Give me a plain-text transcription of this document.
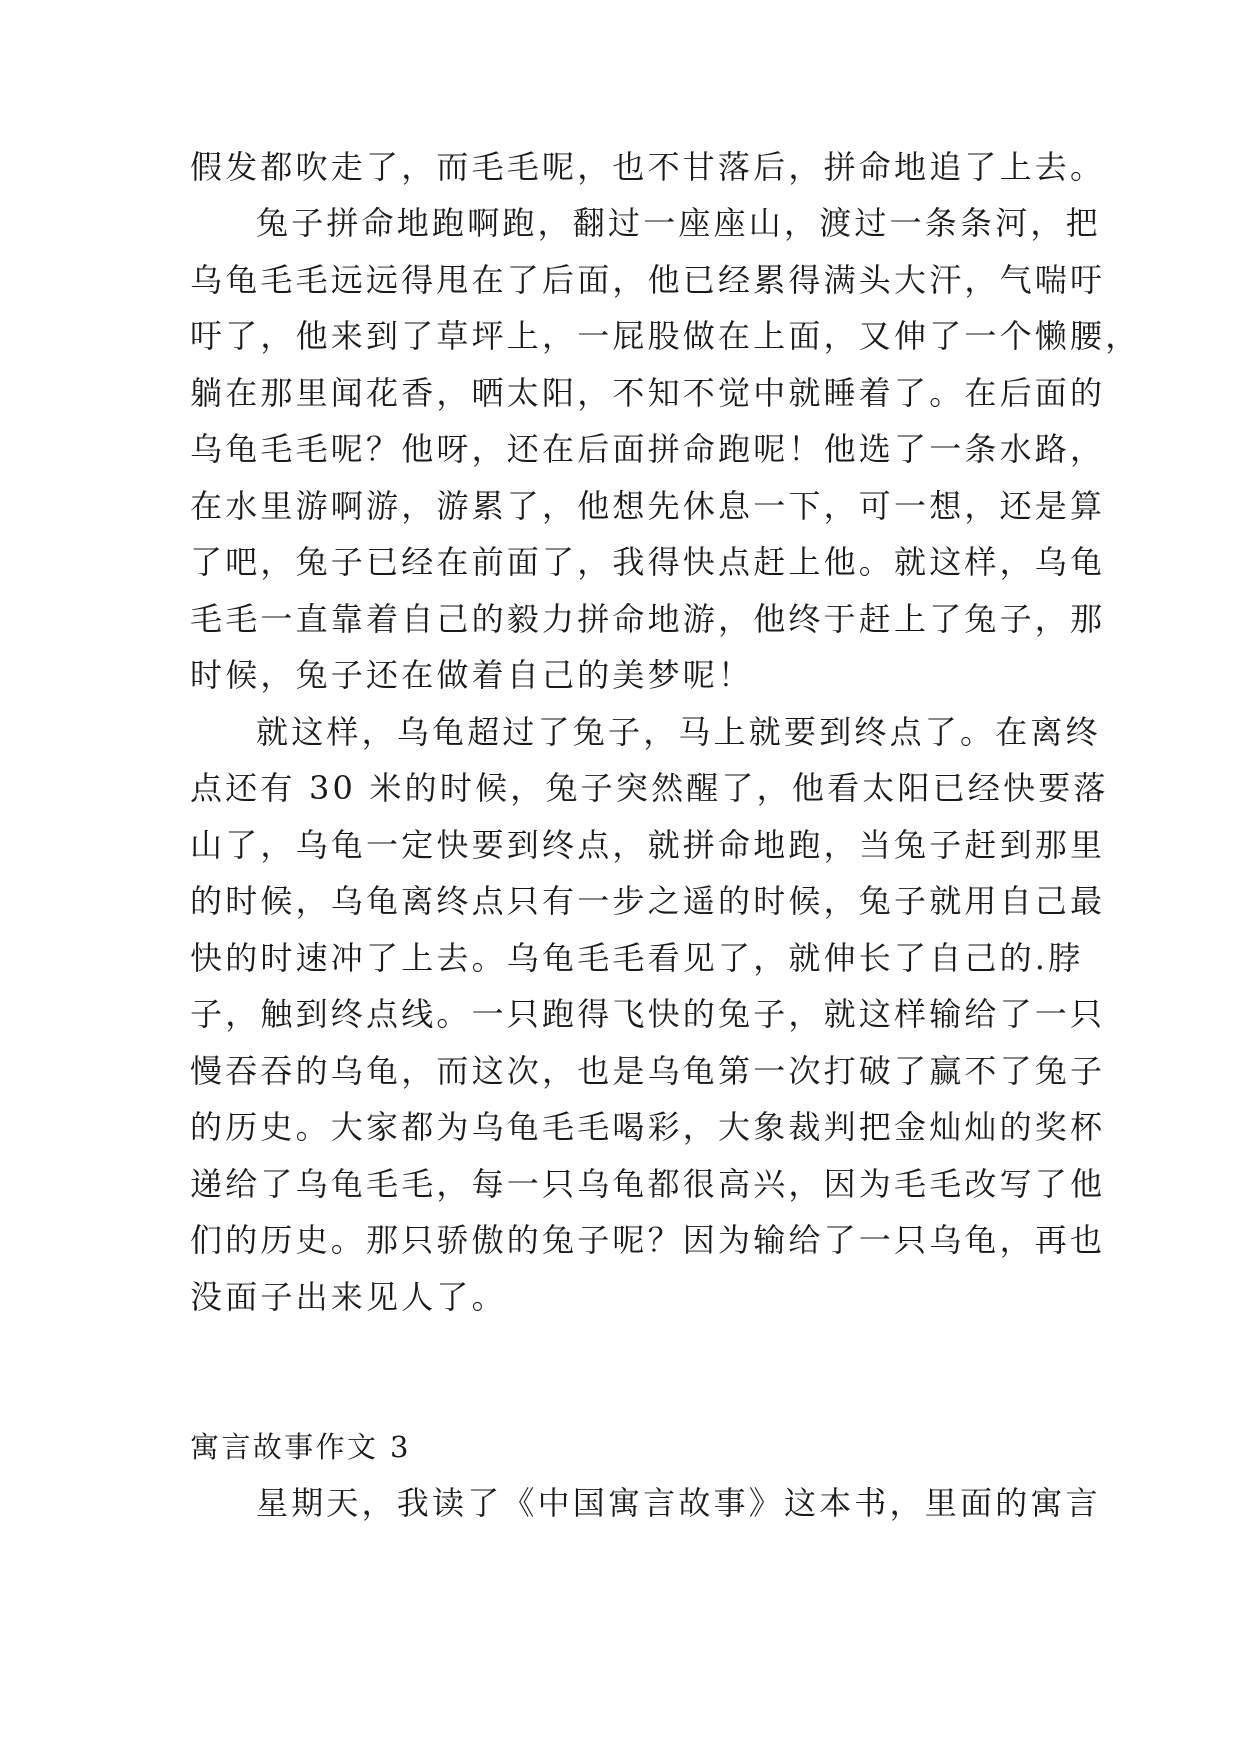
假发都吹走了，而毛毛呢，也不甘落后，拼命地追了上去。
兔子拼命地跑啊跑，翻过一座座山，渡过一条条河，把
乌龟毛毛远远得甩在了后面，他已经累得满头大汗，气喘吁
吁了，他来到了草坪上，一屁股做在上面，又伸了一个懒腰，
躺在那里闻花香，晒太阳，不知不觉中就睡着了。在后面的
乌龟毛毛呢？他呀，还在后面拼命跑呢！他选了一条水路，
在水里游啊游，游累了，他想先休息一下，可一想，还是算
了吧，兔子已经在前面了，我得快点赶上他。就这样，乌龟
毛毛一直靠着自己的毅力拼命地游，他终于赶上了兔子，那
时候，兔子还在做着自己的美梦呢！
就这样，乌龟超过了兔子，马上就要到终点了。在离终
点还有 30 米的时候，兔子突然醒了，他看太阳已经快要落
山了，乌龟一定快要到终点，就拼命地跑，当兔子赶到那里
的时候，乌龟离终点只有一步之遥的时候，兔子就用自己最
快的时速冲了上去。乌龟毛毛看见了，就伸长了自己的.脖
子，触到终点线。一只跑得飞快的兔子，就这样输给了一只
慢吞吞的乌龟，而这次，也是乌龟第一次打破了赢不了兔子
的历史。大家都为乌龟毛毛喝彩，大象裁判把金灿灿的奖杯
递给了乌龟毛毛，每一只乌龟都很高兴，因为毛毛改写了他
们的历史。那只骄傲的兔子呢？因为输给了一只乌龟，再也
没面子出来见人了。
寓言故事作文 3
星期天，我读了《中国寓言故事》这本书，里面的寓言
